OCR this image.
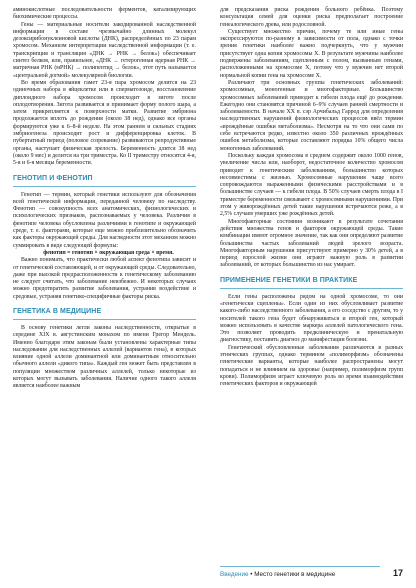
аминокислотные последовательности ферментов, катализирующих биохимические процессы.

Гены — материальные носители закодированной наследственной информации в составе чрезвычайно длинных молекул дезоксирибонуклеиновой кислоты (ДНК), распределённых по 23 парам хромосом. Механизм интерпретации наследственной информации (т. е. транскрипция и трансляция «ДНК → РНК → белок») обеспечивает синтез белков, или, правильнее, «ДНК → гетерогенная ядерная РНК → матричная РНК (мРНК) → полипептид → белок», этот путь называется «центральной догмой» молекулярной биологии.

Во время образования гамет 23-я пара хромосом делится на 23 одиночных набора в яйцеклетке или в сперматозоиде, восстановление диплоидного набора хромосом происходит в зиготе после оплодотворения. Зигота развивается и принимает форму полого шара, а затем прикрепляется к поверхности матки. Развитие эмбриона продолжается вплоть до рождения (около 38 нед), однако все органы формируются уже к 6–8-й неделе. На этом раннем и сильных стадиях эмбриогенеза происходит рост и дифференцировка клеток. В пубертатный период (половое созревание) развиваются репродуктивные органы, наступает физическая зрелость. Беременность длится 38 нед (около 9 мес) и делится на три триместра. Ко II триместру относятся 4-я, 5-я и 6-я месяцы беременности.

ГЕНОТИП И ФЕНОТИП

Генотип — термин, который генетики используют для обозначения всей генетической информации, переданной человеку по наследству. Фенотип — совокупность всех анатомических, физиологических и психологических признаков, распознаваемых у человека. Различия в фенотипе человека обусловлены различиями в генотипе и окружающей среде, т. е. факторами, которые еще можно приблизительно обозначить как факторы окружающей среды. Для наглядности этот механизм можно суммировать в виде следующей формулы:

фенотип = генотип × окружающая среда × время.

Важно понимать, что практически любой аспект фенотипа зависит и от генетической составляющей, и от окружающей среды. Следовательно, даже при высокой предрасположенности к генетическому заболеванию не следует считать, что заболевание неизбежно. И некоторых случаях можно предотвратить развитие заболевания, устранив воздействие и средовые, устраняя генетико-специфичные факторы риска.

ГЕНЕТИКА В МЕДИЦИНЕ

В основу генетики легли законы наследственности, открытые в середине XIX в. августинским монахом по имени Грегор Мендель. Именно благодаря этим законам были установлены характерные типы наследования для наследственных аллелей (вариантов гена), в которых влияние одной аллели доминантной или доминантным относительно обычного аллели «дикого типа». Каждый ген может быть представлен в популяции множеством различных аллелей, только некоторые из которых могут вызывать заболевания. Наличие одного такого аллеля является наиболее важным

для предсказания риска рождения больного ребёнка. Поэтому консультация семей для оценки риска предполагает построение генеалогического древа, или родословной.

Существует множество причин, почему те или иные гены экспрессируются по-разному в зависимости от пола, однако с точки зрения генетики наиболее важно подчеркнуть, что у мужчин присутствует одна копия хромосомы X. В результате мужчины наиболее подвержены заболеваниям, сцепленным с полом, вызванным генами, расположенными на хромосоме X, потому что у мужчин нет второй нормальной копии гена на хромосоме X.

Различают три основных группы генетических заболеваний: хромосомные, моногенные и многофакторные. Большинство хромосомных заболеваний приводит к гибели плода ещё до рождения. Ежегодно они становятся причиной 6–9% случаев ранней смертности и заболеваемости. В начале XX в. сэр Арчибальд Гаррод для определения наследственных нарушений физиологических процессов ввёл термин «врождённые ошибки метаболизма». Несмотря на то что они сами по себе встречаются редко, известно около 350 различных врождённых ошибок метаболизма, которые составляют порядка 10% общего числа моногенных заболеваний.

Поскольку каждая хромосома в среднем содержит около 1000 генов, увеличение числа или, наоборот, недостаточное количество хромосом приводит к генетическим заболеваниям, большинство которых несовместимы с жизнью. Хромосомные нарушения чаще всего сопровождаются выраженными физическими расстройствами и в большинстве случаев — к гибели плода. В 50% случаев смерть плода в I триместре беременности связывают с хромосомными нарушениями. При этом у живорождённых детей такие нарушения встречаются реже, а в 2,5% случаев умерших уже рождённых детей.

Многофакторные состояния возникают в результате сочетания действия множества генов и факторов окружающей среды. Такие комбинации имеют огромное значение, так как они определяют развитие большинства частых заболеваний людей зрелого возраста. Многофакторным нарушения присутствуют примерно у 30% детей, а в период взрослой жизни они играют важную роль в развитии заболеваний, от которых большинство из нас умирает.

ПРИМЕНЕНИЕ ГЕНЕТИКИ В ПРАКТИКЕ

Если гены расположены рядом на одной хромосоме, то они «генетически сцеплены». Если один из них обусловливает развитие какого-либо наследственного заболевания, а его соседство с другим, то у носителей такого гена будет обнаруживаться и второй ген, который можно использовать в качестве маркера аллелей патологического гена. Это позволяет проводить предклиническую и пренатальную диагностику, поставить диагноз до манифестации болезни.

Генетический обусловленные заболевания различаются в разных этнических группах, однако термином «полиморфизм» обозначены генетические варианты, которые наиболее распространены могут попадаться и не влиянием на здоровье (например, полиморфизм групп крови). Полиморфизм играет ключевую роль во время взаимодействия генетических факторов и окружающей

Введение • Место генетики в медицине	17
